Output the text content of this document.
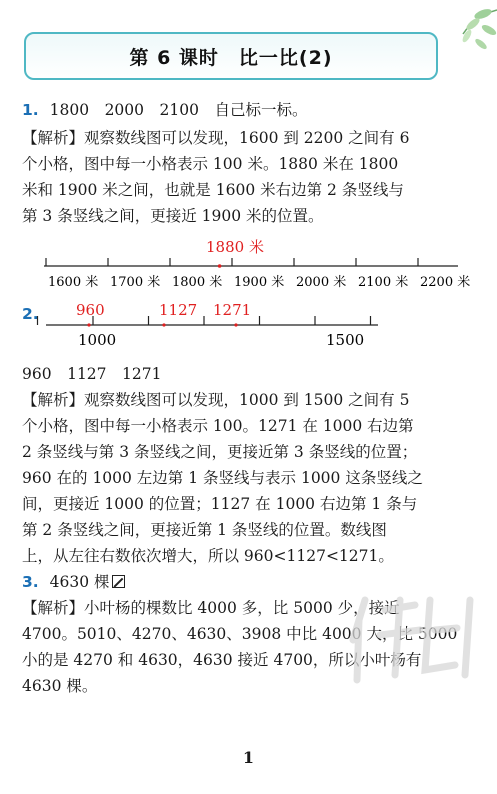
第 6 课时　比一比(2)
1. 1800　2000　2100　自己标一标。
【解析】观察数线图可以发现，1600 到 2200 之间有 6
个小格，图中每一小格表示 100 米。1880 米在 1800
米和 1900 米之间，也就是 1600 米右边第 2 条竖线与
第 3 条竖线之间，更接近 1900 米的位置。
1880 米
1600 米 1700 米 1800 米 1900 米 2000 米 2100 米 2200 米
2. 960	1127 1271
1000	1500
960　1127　1271
【解析】观察数线图可以发现，1000 到 1500 之间有 5
个小格，图中每一小格表示 100。1271 在 1000 右边第
2 条竖线与第 3 条竖线之间，更接近第 3 条竖线的位置；
960 在的 1000 左边第 1 条竖线与表示 1000 这条竖线之
间，更接近 1000 的位置；1127 在 1000 右边第 1 条与
第 2 条竖线之间，更接近第 1 条竖线的位置。数线图
上，从左往右数依次增大，所以 960<1127<1271。
3. 4630 棵
【解析】小叶杨的棵数比 4000 多，比 5000 少，接近
4700。5010、4270、4630、3908 中比 4000 大，比 5000
小的是 4270 和 4630，4630 接近 4700，所以小叶杨有
4630 棵。
1
